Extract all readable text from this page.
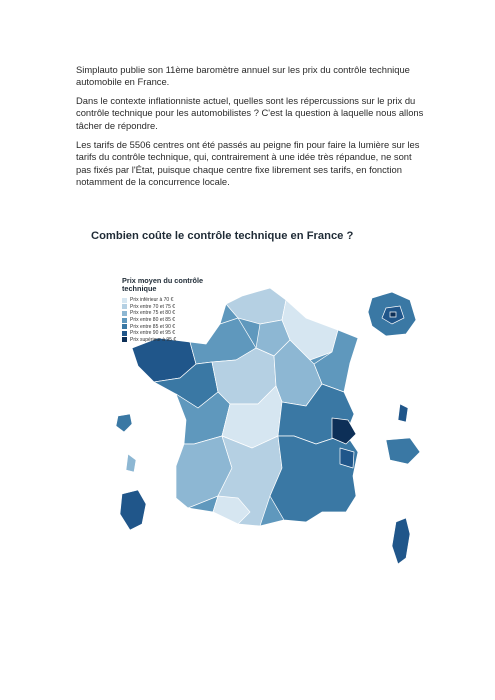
Simplauto publie son 11ème baromètre annuel sur les prix du contrôle technique automobile en France.

Dans le contexte inflationniste actuel, quelles sont les répercussions sur le prix du contrôle technique pour les automobilistes ? C'est la question à laquelle nous allons tâcher de répondre.

Les tarifs de 5506 centres ont été passés au peigne fin pour faire la lumière sur les tarifs du contrôle technique, qui, contrairement à une idée très répandue, ne sont pas fixés par l'État, puisque chaque centre fixe librement ses tarifs, en fonction notamment de la concurrence locale.

Combien coûte le contrôle technique en France ?

Prix moyen du contrôle technique

Prix inférieur à 70 €
Prix entre 70 et 75 €
Prix entre 75 et 80 €
Prix entre 80 et 85 €
Prix entre 85 et 90 €
Prix entre 90 et 95 €
Prix supérieur à 95 €
